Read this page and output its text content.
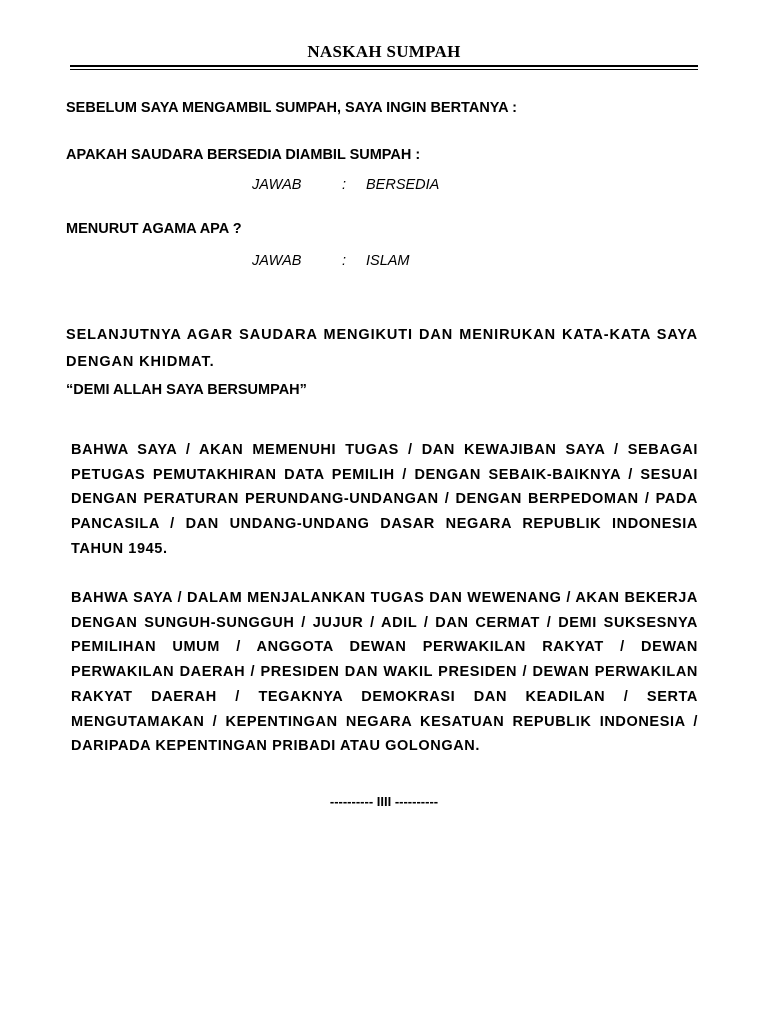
NASKAH SUMPAH
SEBELUM SAYA MENGAMBIL SUMPAH, SAYA INGIN BERTANYA :
APAKAH SAUDARA BERSEDIA DIAMBIL SUMPAH :
JAWAB	: BERSEDIA
MENURUT AGAMA APA ?
JAWAB	: ISLAM
SELANJUTNYA AGAR SAUDARA MENGIKUTI DAN MENIRUKAN KATA-KATA SAYA DENGAN KHIDMAT.
“DEMI ALLAH SAYA BERSUMPAH”
BAHWA SAYA / AKAN MEMENUHI TUGAS / DAN KEWAJIBAN SAYA / SEBAGAI PETUGAS PEMUTAKHIRAN DATA PEMILIH / DENGAN SEBAIK-BAIKNYA / SESUAI DENGAN PERATURAN PERUNDANG-UNDANGAN / DENGAN BERPEDOMAN / PADA PANCASILA / DAN UNDANG-UNDANG DASAR NEGARA REPUBLIK INDONESIA TAHUN 1945.
BAHWA SAYA / DALAM MENJALANKAN TUGAS DAN WEWENANG / AKAN BEKERJA DENGAN SUNGUH-SUNGGUH / JUJUR / ADIL / DAN CERMAT / DEMI SUKSESNYA PEMILIHAN UMUM / ANGGOTA DEWAN PERWAKILAN RAKYAT / DEWAN PERWAKILAN DAERAH / PRESIDEN DAN WAKIL PRESIDEN / DEWAN PERWAKILAN RAKYAT DAERAH / TEGAKNYA DEMOKRASI DAN KEADILAN / SERTA MENGUTAMAKAN / KEPENTINGAN NEGARA KESATUAN REPUBLIK INDONESIA / DARIPADA KEPENTINGAN PRIBADI ATAU GOLONGAN.
---------- IIII ----------
